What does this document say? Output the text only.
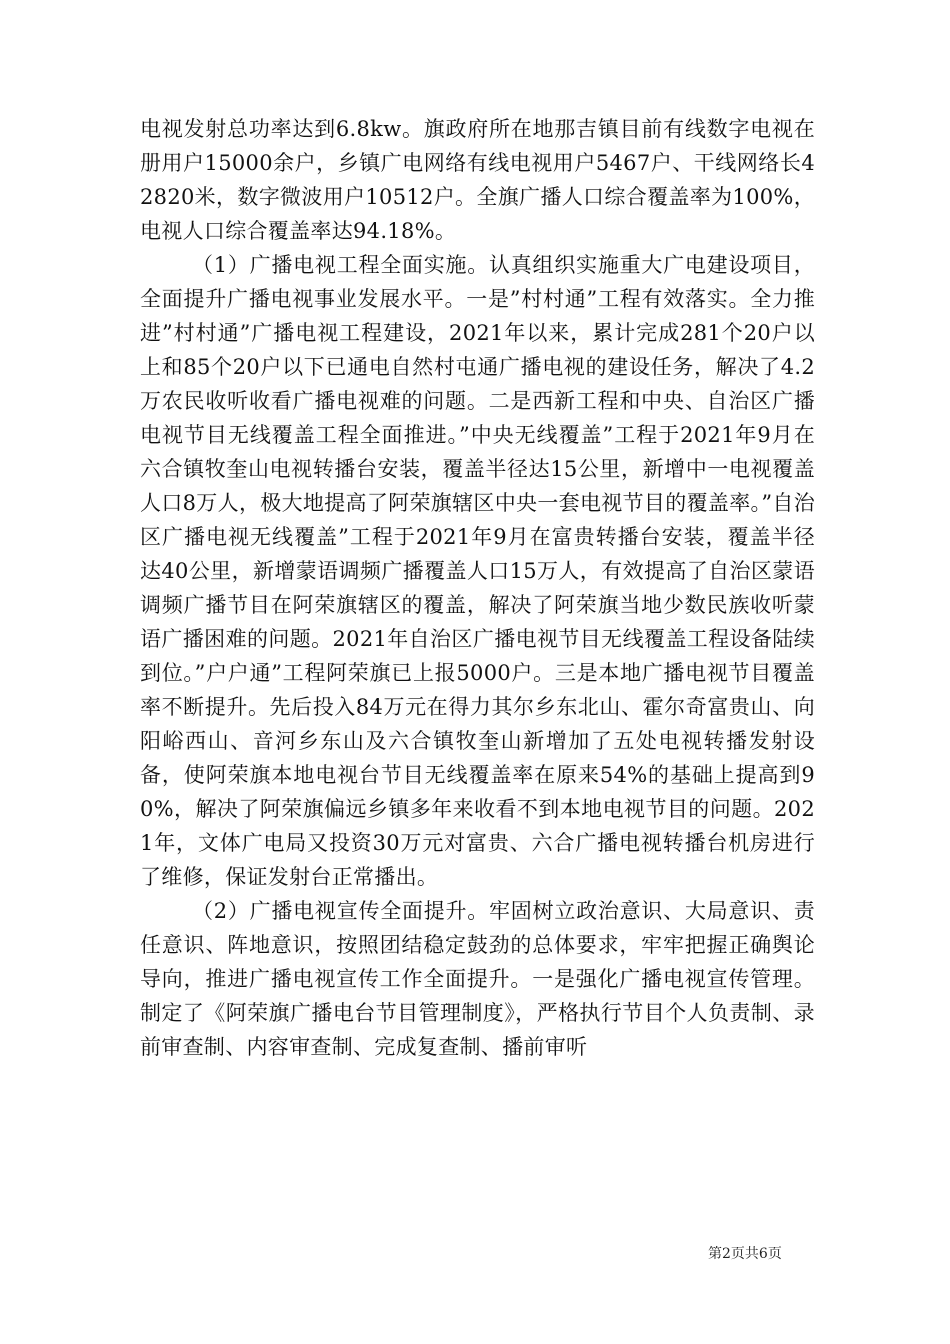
电视发射总功率达到6.8kw。旗政府所在地那吉镇目前有线数字电视在册用户15000余户，乡镇广电网络有线电视用户5467户、干线网络长42820米，数字微波用户10512户。全旗广播人口综合覆盖率为100%，电视人口综合覆盖率达94.18%。

（1）广播电视工程全面实施。认真组织实施重大广电建设项目，全面提升广播电视事业发展水平。一是”村村通”工程有效落实。全力推进”村村通”广播电视工程建设，2021年以来，累计完成281个20户以上和85个20户以下已通电自然村屯通广播电视的建设任务，解决了4.2万农民收听收看广播电视难的问题。二是西新工程和中央、自治区广播电视节目无线覆盖工程全面推进。”中央无线覆盖”工程于2021年9月在六合镇牧奎山电视转播台安装，覆盖半径达15公里，新增中一电视覆盖人口8万人，极大地提高了阿荣旗辖区中央一套电视节目的覆盖率。”自治区广播电视无线覆盖”工程于2021年9月在富贵转播台安装，覆盖半径达40公里，新增蒙语调频广播覆盖人口15万人，有效提高了自治区蒙语调频广播节目在阿荣旗辖区的覆盖，解决了阿荣旗当地少数民族收听蒙语广播困难的问题。2021年自治区广播电视节目无线覆盖工程设备陆续到位。”户户通”工程阿荣旗已上报5000户。三是本地广播电视节目覆盖率不断提升。先后投入84万元在得力其尔乡东北山、霍尔奇富贵山、向阳峪西山、音河乡东山及六合镇牧奎山新增加了五处电视转播发射设备，使阿荣旗本地电视台节目无线覆盖率在原来54%的基础上提高到90%，解决了阿荣旗偏远乡镇多年来收看不到本地电视节目的问题。2021年，文体广电局又投资30万元对富贵、六合广播电视转播台机房进行了维修，保证发射台正常播出。

（2）广播电视宣传全面提升。牢固树立政治意识、大局意识、责任意识、阵地意识，按照团结稳定鼓劲的总体要求，牢牢把握正确舆论导向，推进广播电视宣传工作全面提升。一是强化广播电视宣传管理。制定了《阿荣旗广播电台节目管理制度》，严格执行节目个人负责制、录前审查制、内容审查制、完成复查制、播前审听

第2页共6页
